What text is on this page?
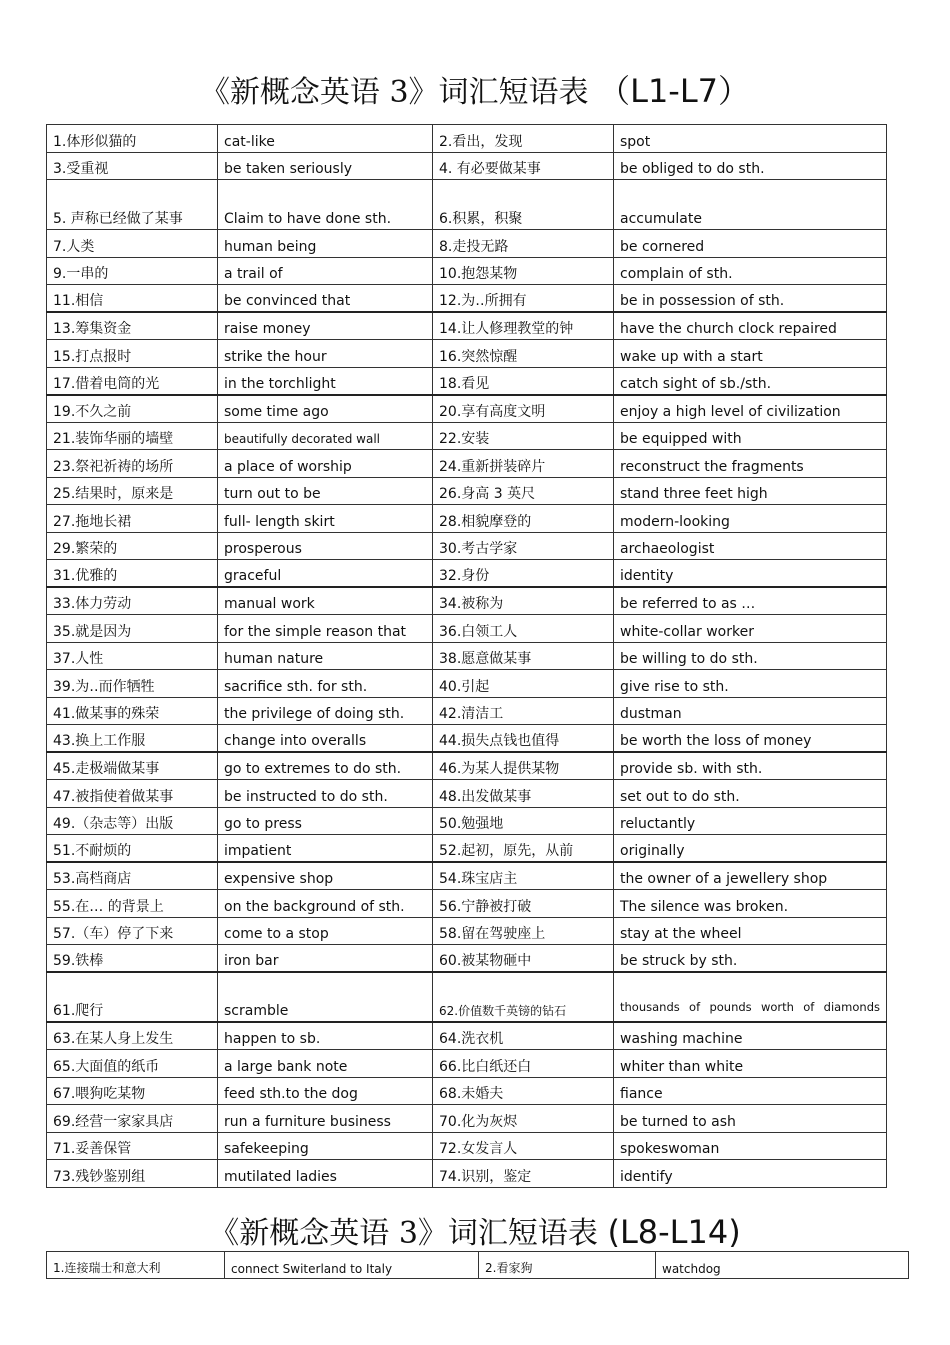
《新概念英语 3》词汇短语表 （L1-L7）
1.体形似猫的	cat-like	2.看出，发现	spot
3.受重视	be taken seriously	4. 有必要做某事	be obliged to do sth.
5. 声称已经做了某事	Claim to have done sth.	6.积累，积聚	accumulate
7.人类	human being	8.走投无路	be cornered
9.一串的	a trail of	10.抱怨某物	complain of sth.
11.相信	be convinced that	12.为‥所拥有	be in possession of sth.
13.筹集资金	raise money	14.让人修理教堂的钟	have the church clock repaired
15.打点报时	strike the hour	16.突然惊醒	wake up with a start
17.借着电筒的光	in the torchlight	18.看见	catch sight of sb./sth.
19.不久之前	some time ago	20.享有高度文明	enjoy a high level of civilization
21.装饰华丽的墙壁	beautifully decorated wall	22.安装	be equipped with
23.祭祀祈祷的场所	a place of worship	24.重新拼装碎片	reconstruct the fragments
25.结果时，原来是	turn out to be	26.身高 3 英尺	stand three feet high
27.拖地长裙	full- length skirt	28.相貌摩登的	modern-looking
29.繁荣的	prosperous	30.考古学家	archaeologist
31.优雅的	graceful	32.身份	identity
33.体力劳动	manual work	34.被称为	be referred to as …
35.就是因为	for the simple reason that	36.白领工人	white-collar worker
37.人性	human nature	38.愿意做某事	be willing to do sth.
39.为‥而作牺牲	sacrifice sth. for sth.	40.引起	give rise to sth.
41.做某事的殊荣	the privilege of doing sth.	42.清洁工	dustman
43.换上工作服	change into overalls	44.损失点钱也值得	be worth the loss of money
45.走极端做某事	go to extremes to do sth.	46.为某人提供某物	provide sb. with sth.
47.被指使着做某事	be instructed to do sth.	48.出发做某事	set out to do sth.
49.（杂志等）出版	go to press	50.勉强地	reluctantly
51.不耐烦的	impatient	52.起初，原先，从前	originally
53.高档商店	expensive shop	54.珠宝店主	the owner of a jewellery shop
55.在… 的背景上	on the background of sth.	56.宁静被打破	The silence was broken.
57.（车）停了下来	come to a stop	58.留在驾驶座上	stay at the wheel
59.铁棒	iron bar	60.被某物砸中	be struck by sth.
61.爬行	scramble	62.价值数千英镑的钻石	thousands of pounds worth of diamonds
63.在某人身上发生	happen to sb.	64.洗衣机	washing machine
65.大面值的纸币	a large bank note	66.比白纸还白	whiter than white
67.喂狗吃某物	feed sth.to the dog	68.未婚夫	fiance
69.经营一家家具店	run a furniture business	70.化为灰烬	be turned to ash
71.妥善保管	safekeeping	72.女发言人	spokeswoman
73.残钞鉴别组	mutilated ladies	74.识别，鉴定	identify
《新概念英语 3》词汇短语表 (L8-L14)
1.连接瑞士和意大利	connect Switerland to Italy	2.看家狗	watchdog
